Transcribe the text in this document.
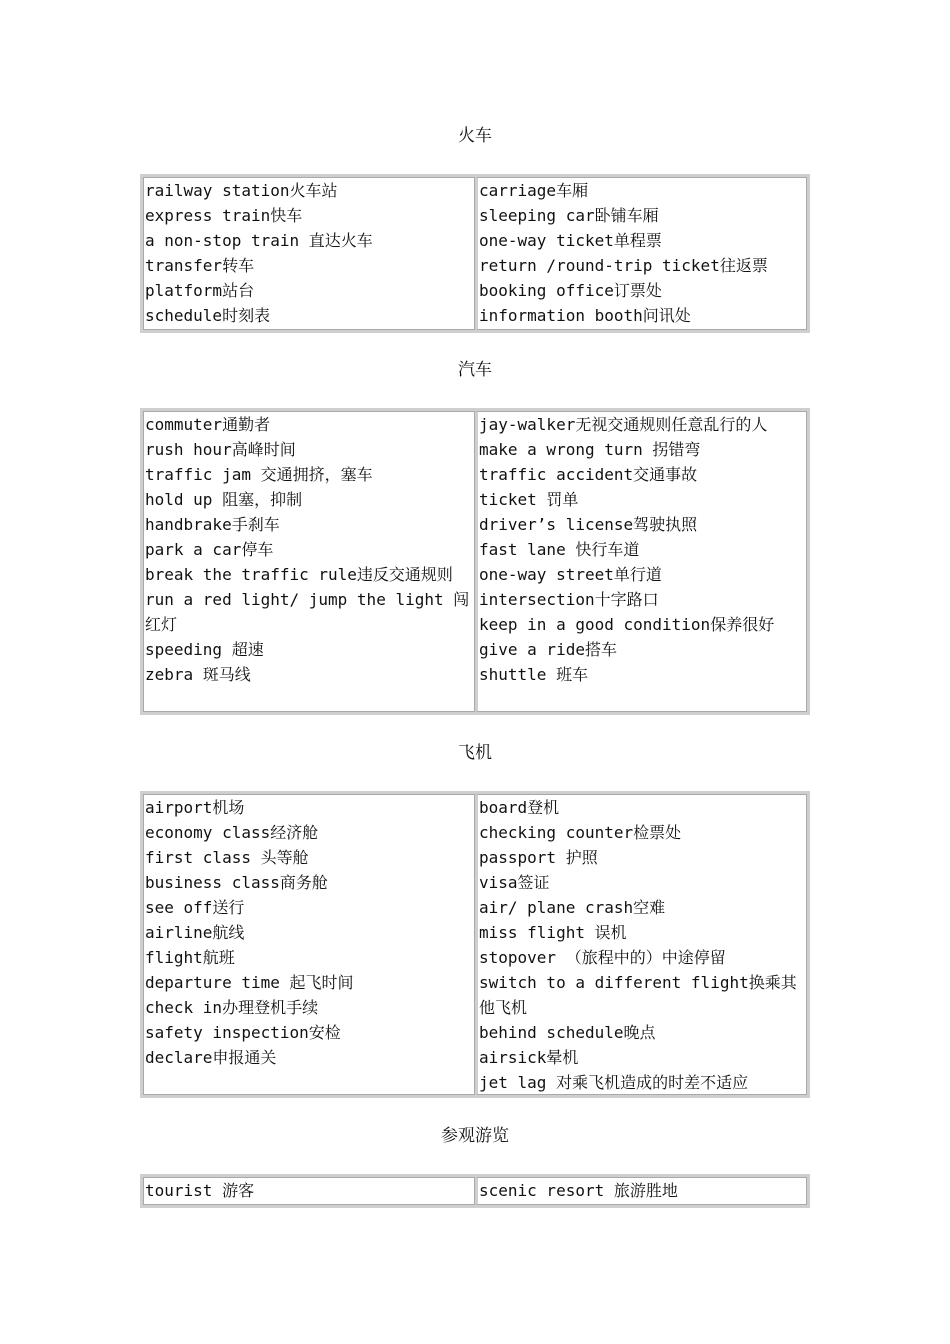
火车
railway station火车站
express train快车
a non-stop train 直达火车
transfer转车
platform站台
schedule时刻表
carriage车厢
sleeping car卧铺车厢
one-way ticket单程票
return /round-trip ticket往返票
booking office订票处
information booth问讯处
汽车
commuter通勤者
rush hour高峰时间
traffic jam 交通拥挤，塞车
hold up 阻塞，抑制
handbrake手刹车
park a car停车
break the traffic rule违反交通规则
run a red light/ jump the light 闯红灯
speeding 超速
zebra 斑马线
jay-walker无视交通规则任意乱行的人
make a wrong turn 拐错弯
traffic accident交通事故
ticket 罚单
driver’s license驾驶执照
fast lane 快行车道
one-way street单行道
intersection十字路口
keep in a good condition保养很好
give a ride搭车
shuttle 班车
飞机
airport机场
economy class经济舱
first class 头等舱
business class商务舱
see off送行
airline航线
flight航班
departure time 起飞时间
check in办理登机手续
safety inspection安检
declare申报通关
board登机
checking counter检票处
passport 护照
visa签证
air/ plane crash空难
miss flight 误机
stopover （旅程中的）中途停留
switch to a different flight换乘其他飞机
behind schedule晚点
airsick晕机
jet lag 对乘飞机造成的时差不适应
参观游览
tourist 游客	scenic resort 旅游胜地
